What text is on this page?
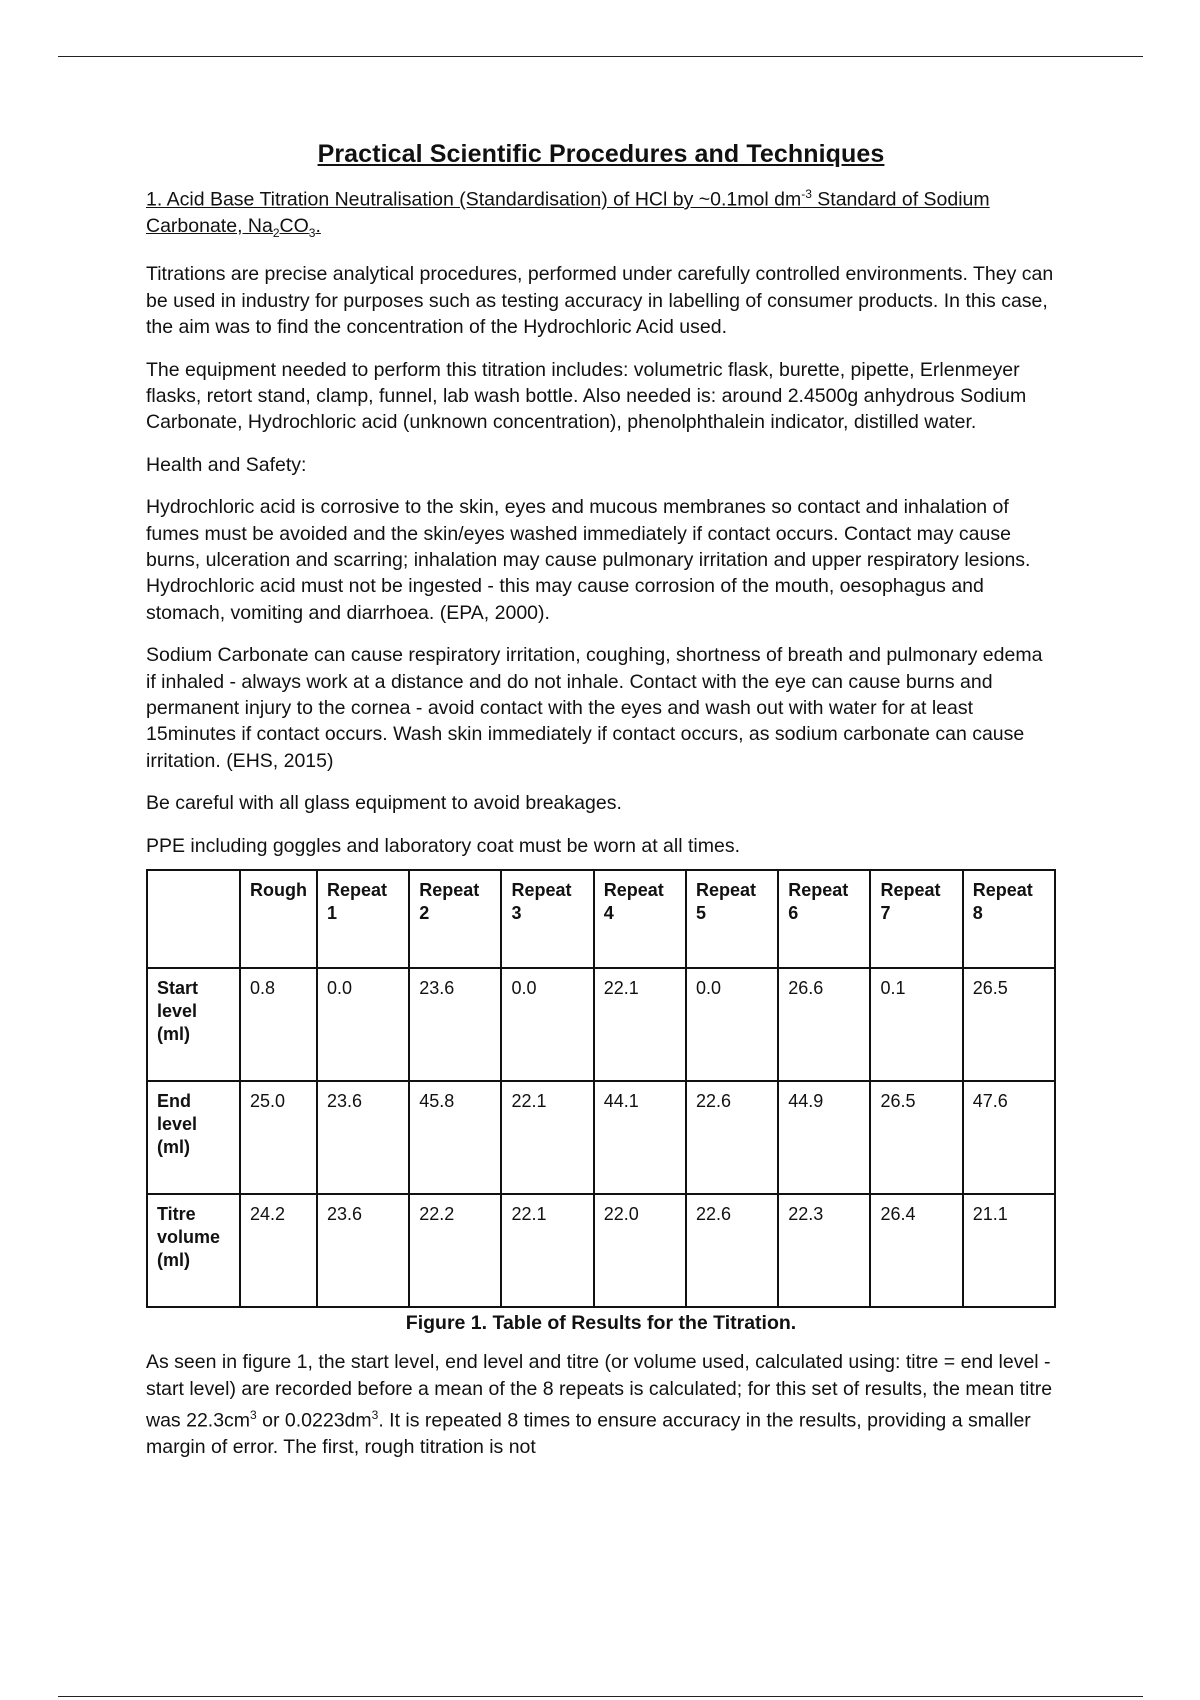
Practical Scientific Procedures and Techniques
1. Acid Base Titration Neutralisation (Standardisation) of HCl by ~0.1mol $dm^{-3}$ Standard of Sodium Carbonate, $Na_2CO_3$.

Titrations are precise analytical procedures, performed under carefully controlled environments. They can be used in industry for purposes such as testing accuracy in labelling of consumer products. In this case, the aim was to find the concentration of the Hydrochloric Acid used.

The equipment needed to perform this titration includes: volumetric flask, burette, pipette, Erlenmeyer flasks, retort stand, clamp, funnel, lab wash bottle. Also needed is: around 2.4500g anhydrous Sodium Carbonate, Hydrochloric acid (unknown concentration), phenolphthalein indicator, distilled water.

Health and Safety:

Hydrochloric acid is corrosive to the skin, eyes and mucous membranes so contact and inhalation of fumes must be avoided and the skin/eyes washed immediately if contact occurs. Contact may cause burns, ulceration and scarring; inhalation may cause pulmonary irritation and upper respiratory lesions. Hydrochloric acid must not be ingested - this may cause corrosion of the mouth, oesophagus and stomach, vomiting and diarrhoea. (EPA, 2000).

Sodium Carbonate can cause respiratory irritation, coughing, shortness of breath and pulmonary edema if inhaled - always work at a distance and do not inhale. Contact with the eye can cause burns and permanent injury to the cornea - avoid contact with the eyes and wash out with water for at least 15minutes if contact occurs. Wash skin immediately if contact occurs, as sodium carbonate can cause irritation. (EHS, 2015)

Be careful with all glass equipment to avoid breakages.

PPE including goggles and laboratory coat must be worn at all times.

	Rough	Repeat 1	Repeat 2	Repeat 3	Repeat 4	Repeat 5	Repeat 6	Repeat 7	Repeat 8
Start level (ml)	0.8	0.0	23.6	0.0	22.1	0.0	26.6	0.1	26.5
End level (ml)	25.0	23.6	45.8	22.1	44.1	22.6	44.9	26.5	47.6
Titre volume (ml)	24.2	23.6	22.2	22.1	22.0	22.6	22.3	26.4	21.1
Figure 1. Table of Results for the Titration.

As seen in figure 1, the start level, end level and titre (or volume used, calculated using: titre = end level - start level) are recorded before a mean of the 8 repeats is calculated; for this set of results, the mean titre was $22.3cm^3$ or $0.0223dm^3$. It is repeated 8 times to ensure accuracy in the results, providing a smaller margin of error. The first, rough titration is not
